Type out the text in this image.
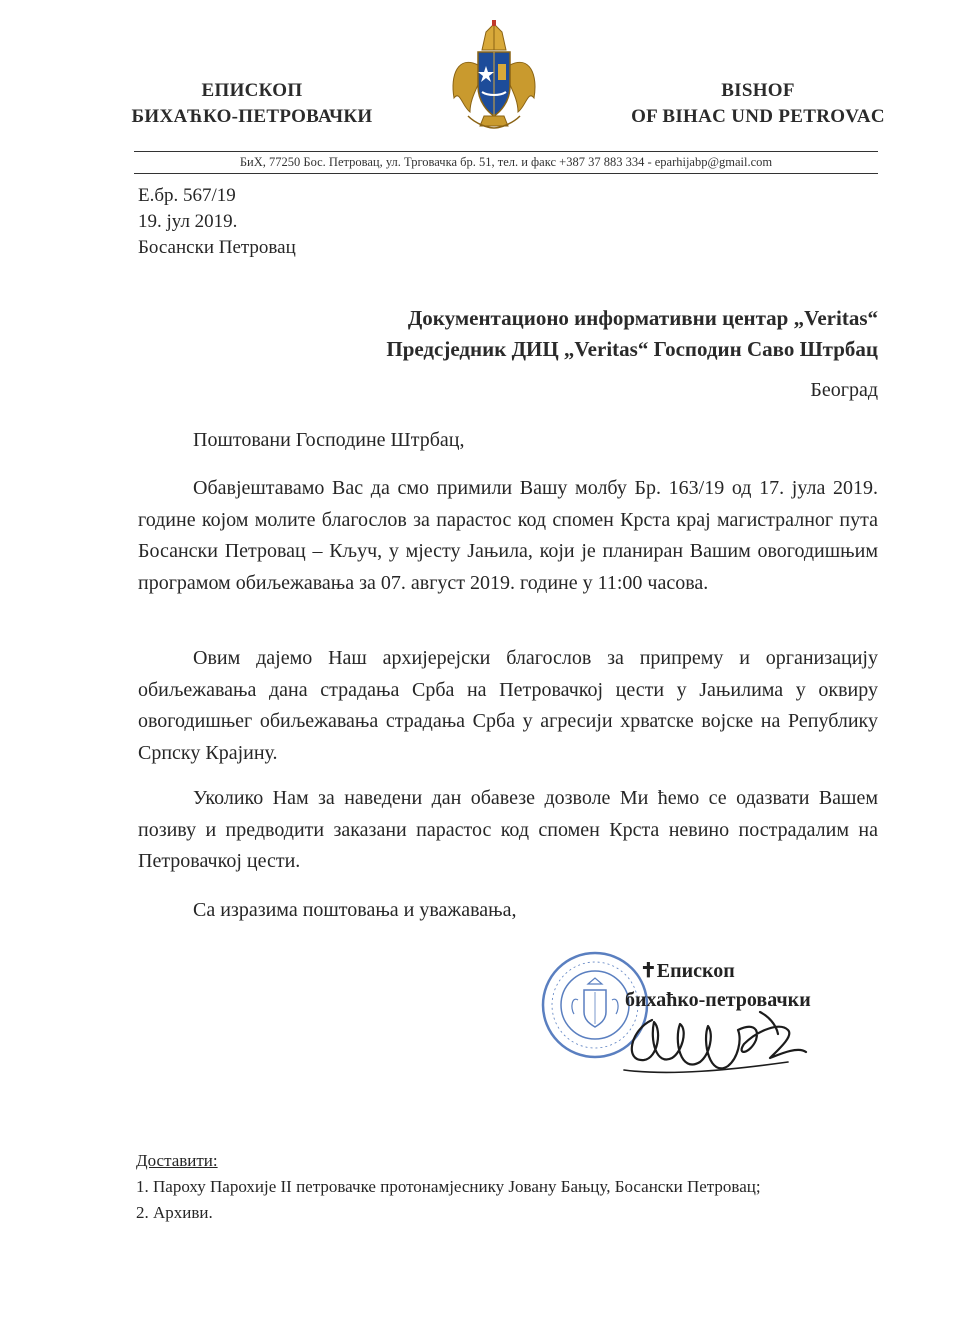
ЕПИСКОП
БИХАЋКО-ПЕТРОВАЧКИ
BISHOF
OF BIHAC UND PETROVAC
БиХ, 77250 Бос. Петровац, ул. Трговачка бр. 51, тел. и факс +387 37 883 334 - eparhijabp@gmail.com
Е.бр. 567/19
19. јул 2019.
Босански Петровац
Документационо информативни центар „Veritas“
Предсједник ДИЦ „Veritas“ Господин Саво Штрбац
Београд
Поштовани Господине Штрбац,

Обавјештавамо Вас да смо примили Вашу молбу Бр. 163/19 од 17. јула 2019. године којом молите благослов за парастос код спомен Крста крај магистралног пута Босански Петровац – Кључ, у мјесту Јањила, који је планиран Вашим овогодишњим програмом обиљежавања за 07. август 2019. године у 11:00 часова.

Овим дајемо Наш архијерејски благослов за припрему и организацију обиљежавања дана страдања Срба на Петровачкој цести у Јањилима у оквиру овогодишњег обиљежавања страдања Срба у агресији хрватске војске на Републику Српску Крајину.

Уколико Нам за наведени дан обавезе дозволе Ми ћемо се одазвати Вашем позиву и предводити заказани парастос код спомен Крста невино пострадалим на Петровачкој цести.

Са изразима поштовања и уважавања,
✝Епископ
бихаћко-петровачки
Доставити:
1. Пароху Парохије II петровачке протонамјеснику Јовану Бањцу, Босански Петровац;
2. Архиви.
